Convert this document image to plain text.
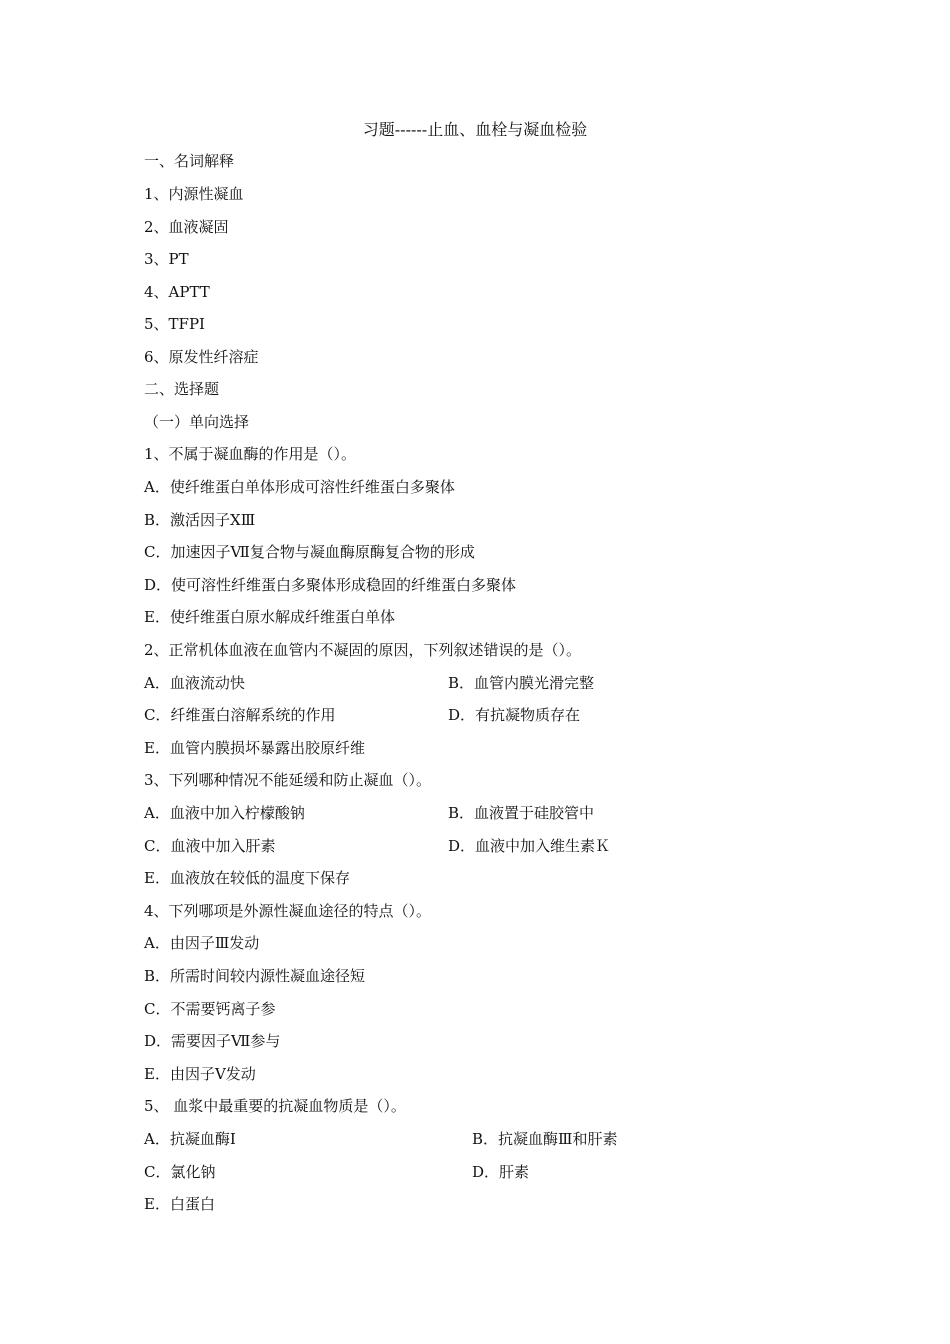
习题------止血、血栓与凝血检验
一、名词解释
1、内源性凝血
2、血液凝固
3、PT
4、APTT
5、TFPI
6、原发性纤溶症
二、选择题
（一）单向选择
1、不属于凝血酶的作用是（）。
A．使纤维蛋白单体形成可溶性纤维蛋白多聚体
B．激活因子ⅩⅢ
C．加速因子Ⅶ复合物与凝血酶原酶复合物的形成
D．使可溶性纤维蛋白多聚体形成稳固的纤维蛋白多聚体
E．使纤维蛋白原水解成纤维蛋白单体
2、正常机体血液在血管内不凝固的原因，下列叙述错误的是（）。
A．血液流动快	B．血管内膜光滑完整
C．纤维蛋白溶解系统的作用	D．有抗凝物质存在
E．血管内膜损坏暴露出胶原纤维
3、下列哪种情况不能延缓和防止凝血（）。
A．血液中加入柠檬酸钠	B．血液置于硅胶管中
C．血液中加入肝素	D．血液中加入维生素Ｋ
E．血液放在较低的温度下保存
4、下列哪项是外源性凝血途径的特点（）。
A．由因子Ⅲ发动
B．所需时间较内源性凝血途径短
C．不需要钙离子参
D．需要因子Ⅶ参与
E．由因子Ⅴ发动
5、 血浆中最重要的抗凝血物质是（）。
A．抗凝血酶Ⅰ	B．抗凝血酶Ⅲ和肝素
C．氯化钠	D．肝素
E．白蛋白
